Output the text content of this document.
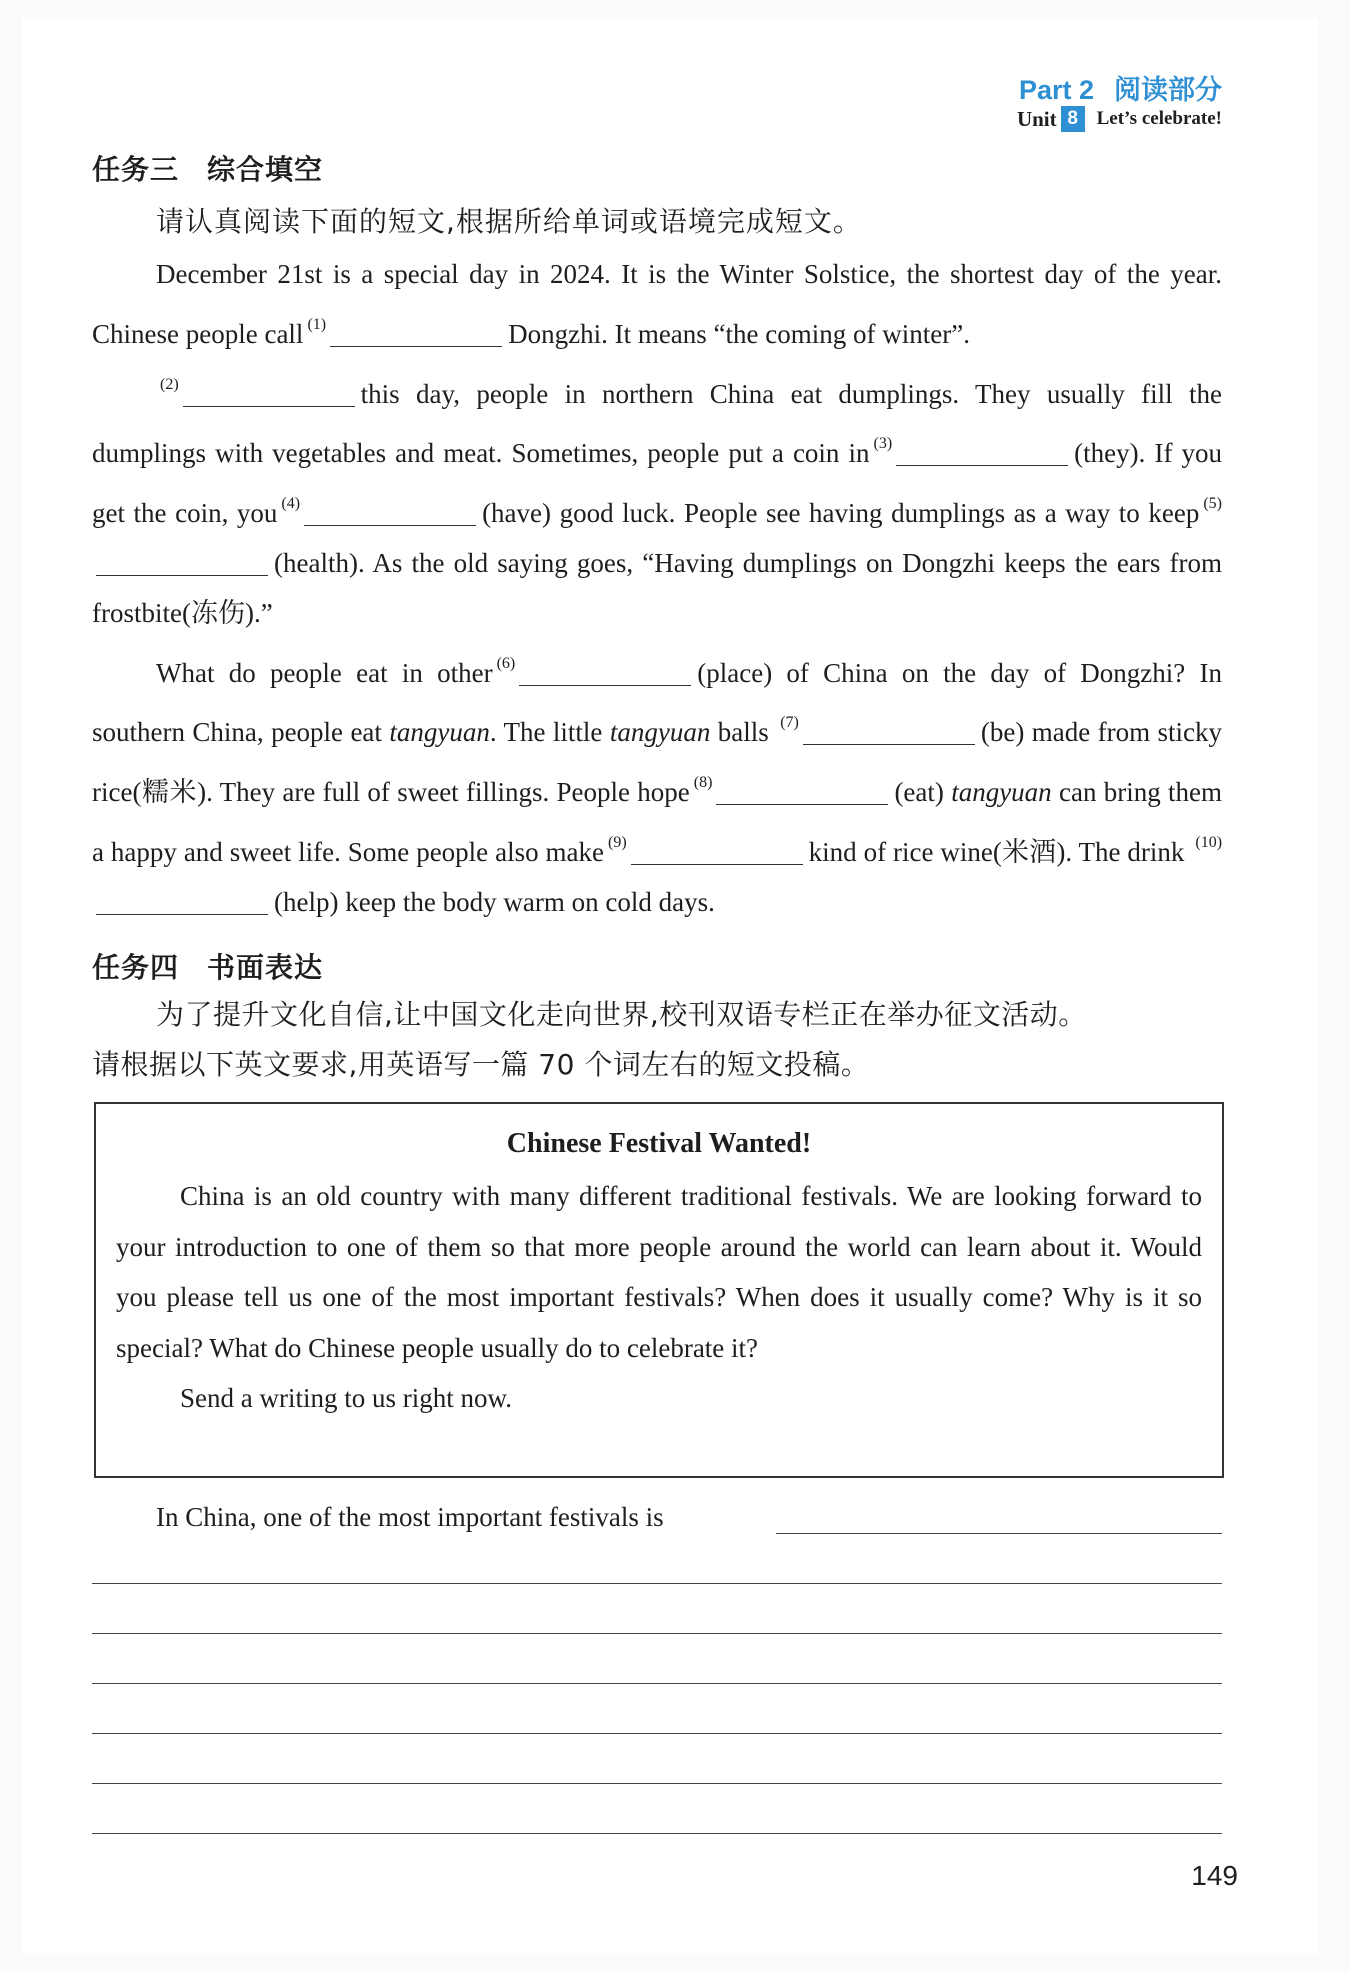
Part 2 阅读部分
Unit 8 Let’s celebrate!
任务三 综合填空
请认真阅读下面的短文,根据所给单词或语境完成短文。

December 21st is a special day in 2024. It is the Winter Solstice, the shortest day of the year. Chinese people call $^{(1)}$	Dongzhi. It means “the coming of winter”.

$^{(2)}$	this day, people in northern China eat dumplings. They usually fill the dumplings with vegetables and meat. Sometimes, people put a coin in $^{(3)}$	(they). If you get the coin, you $^{(4)}$	(have) good luck. People see having dumplings as a way to keep $^{(5)}$(health). As the old saying goes, “Having dumplings on Dongzhi keeps the ears from frostbite(冻伤).”

What do people eat in other $^{(6)}$	(place) of China on the day of Dongzhi? In southern China, people eat tangyuan. The little tangyuan balls $^{(7)}$	(be) made from sticky rice(糯米). They are full of sweet fillings. People hope $^{(8)}$	(eat) tangyuan can bring them a happy and sweet life. Some people also make $^{(9)}$	kind of rice wine(米酒). The drink $^{(10)}$(help) keep the body warm on cold days.

任务四 书面表达
为了提升文化自信,让中国文化走向世界,校刊双语专栏正在举办征文活动。
请根据以下英文要求,用英语写一篇 70 个词左右的短文投稿。
Chinese Festival Wanted!

China is an old country with many different traditional festivals. We are looking forward to your introduction to one of them so that more people around the world can learn about it. Would you please tell us one of the most important festivals? When does it usually come? Why is it so special? What do Chinese people usually do to celebrate it?

Send a writing to us right now.

In China, one of the most important festivals is
149
